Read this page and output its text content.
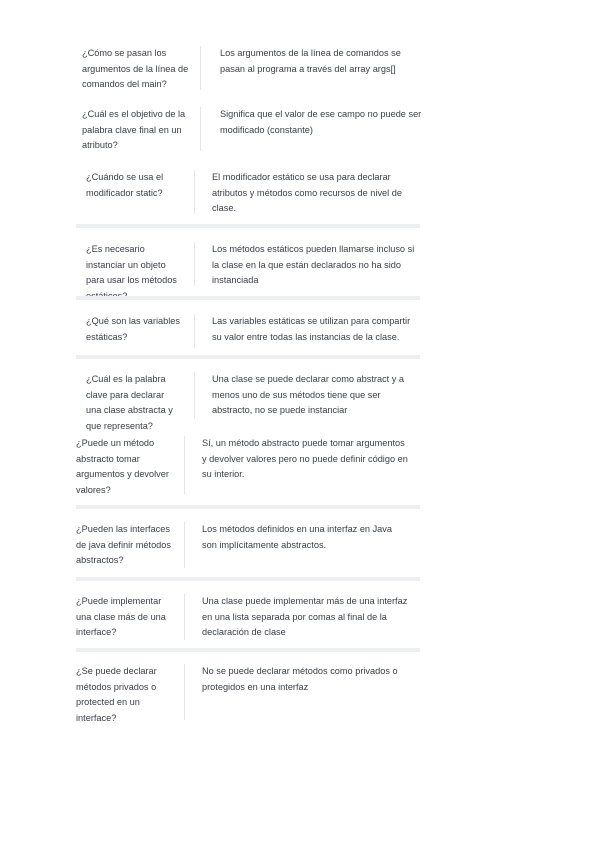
¿Cómo se pasan los argumentos de la línea de comandos del main?
Los argumentos de la línea de comandos se pasan al programa a través del array args[]
¿Cuál es el objetivo de la palabra clave final en un atributo?
Significa que el valor de ese campo no puede ser modificado (constante)
¿Cuándo se usa el modificador static?
El modificador estático se usa para declarar atributos y métodos como recursos de nivel de clase.
¿Es necesario instanciar un objeto para usar los métodos
Los métodos estáticos pueden llamarse incluso si la clase en la que están declarados no ha sido instanciada
¿Qué son las variables estáticas?
Las variables estáticas se utilizan para compartir su valor entre todas las instancias de la clase.
¿Cuál es la palabra clave para declarar una clase abstracta y que representa?
Una clase se puede declarar como abstract y a menos uno de sus métodos tiene que ser abstracto, no se puede instanciar
¿Puede un método abstracto tomar argumentos y devolver valores?
Sí, un método abstracto puede tomar argumentos y devolver valores pero no puede definir código en su interior.
¿Pueden las interfaces de java definir métodos abstractos?
Los métodos definidos en una interfaz en Java son implícitamente abstractos.
¿Puede implementar una clase más de una interface?
Una clase puede implementar más de una interfaz en una lista separada por comas al final de la declaración de clase
¿Se puede declarar métodos privados o protected en un interface?
No se puede declarar métodos como privados o protegidos en una interfaz
